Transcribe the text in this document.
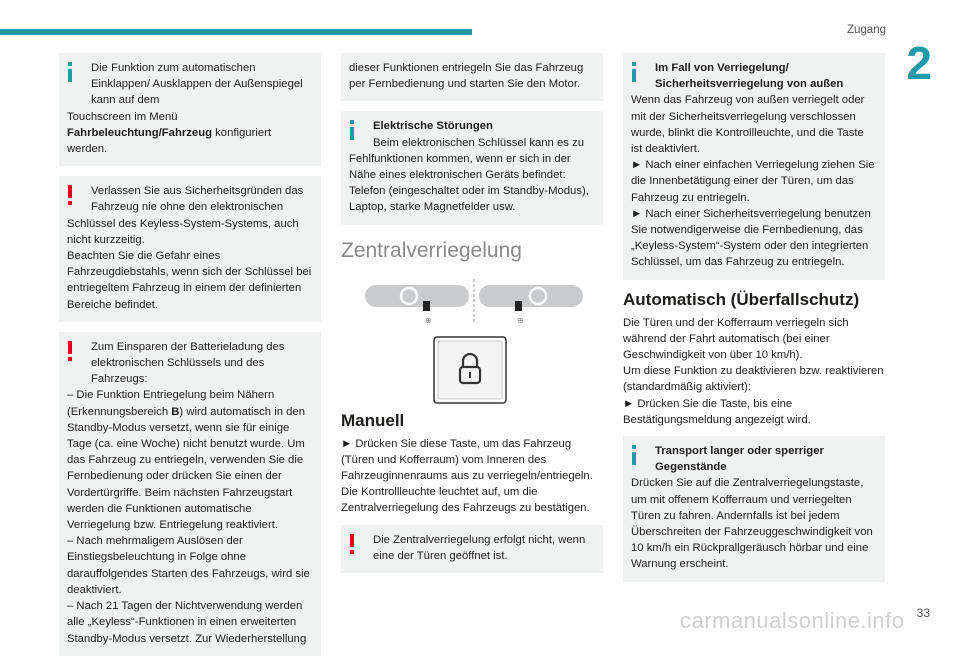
Zugang
2
Die Funktion zum automatischen Einklappen/ Ausklappen der Außenspiegel kann auf dem
Touchscreen im Menü Fahrbeleuchtung/Fahrzeug konfiguriert werden.
Verlassen Sie aus Sicherheitsgründen das Fahrzeug nie ohne den elektronischen
Schlüssel des Keyless-System-Systems, auch nicht kurzzeitig.
Beachten Sie die Gefahr eines Fahrzeugdiebstahls, wenn sich der Schlüssel bei entriegeltem Fahrzeug in einem der definierten Bereiche befindet.
Zum Einsparen der Batterieladung des elektronischen Schlüssels und des Fahrzeugs:
– Die Funktion Entriegelung beim Nähern (Erkennungsbereich B) wird automatisch in den Standby-Modus versetzt, wenn sie für einige Tage (ca. eine Woche) nicht benutzt wurde. Um das Fahrzeug zu entriegeln, verwenden Sie die Fernbedienung oder drücken Sie einen der Vordertürgriffe. Beim nächsten Fahrzeugstart werden die Funktionen automatische Verriegelung bzw. Entriegelung reaktiviert.
– Nach mehrmaligem Auslösen der Einstiegsbeleuchtung in Folge ohne darauffolgendes Starten des Fahrzeugs, wird sie deaktiviert.
– Nach 21 Tagen der Nichtverwendung werden alle „Keyless“-Funktionen in einen erweiterten Standby-Modus versetzt. Zur Wiederherstellung
dieser Funktionen entriegeln Sie das Fahrzeug per Fernbedienung und starten Sie den Motor.
Elektrische Störungen
Beim elektronischen Schlüssel kann es zu
Fehlfunktionen kommen, wenn er sich in der Nähe eines elektronischen Geräts befindet: Telefon (eingeschaltet oder im Standby-Modus), Laptop, starke Magnetfelder usw.
Zentralverriegelung
⊕	⊕
Manuell

► Drücken Sie diese Taste, um das Fahrzeug (Türen und Kofferraum) vom Inneren des Fahrzeuginnenraums aus zu verriegeln/entriegeln.

Die Kontrollleuchte leuchtet auf, um die Zentralverriegelung des Fahrzeugs zu bestätigen.

Die Zentralverriegelung erfolgt nicht, wenn eine der Türen geöffnet ist.
Im Fall von Verriegelung/ Sicherheitsverriegelung von außen
Wenn das Fahrzeug von außen verriegelt oder mit der Sicherheitsverriegelung verschlossen wurde, blinkt die Kontrollleuchte, und die Taste ist deaktiviert.
► Nach einer einfachen Verriegelung ziehen Sie die Innenbetätigung einer der Türen, um das Fahrzeug zu entriegeln.
► Nach einer Sicherheitsverriegelung benutzen Sie notwendigerweise die Fernbedienung, das „Keyless-System“-System oder den integrierten Schlüssel, um das Fahrzeug zu entriegeln.
Automatisch (Überfallschutz)

Die Türen und der Kofferraum verriegeln sich während der Fahrt automatisch (bei einer Geschwindigkeit von über 10 km/h).

Um diese Funktion zu deaktivieren bzw. reaktivieren (standardmäßig aktiviert):

► Drücken Sie die Taste, bis eine Bestätigungsmeldung angezeigt wird.

Transport langer oder sperriger Gegenstände
Drücken Sie auf die Zentralverriegelungstaste, um mit offenem Kofferraum und verriegelten Türen zu fahren. Andernfalls ist bei jedem Überschreiten der Fahrzeuggeschwindigkeit von 10 km/h ein Rückprallgeräusch hörbar und eine Warnung erscheint.
carmanualsonline.info 33
